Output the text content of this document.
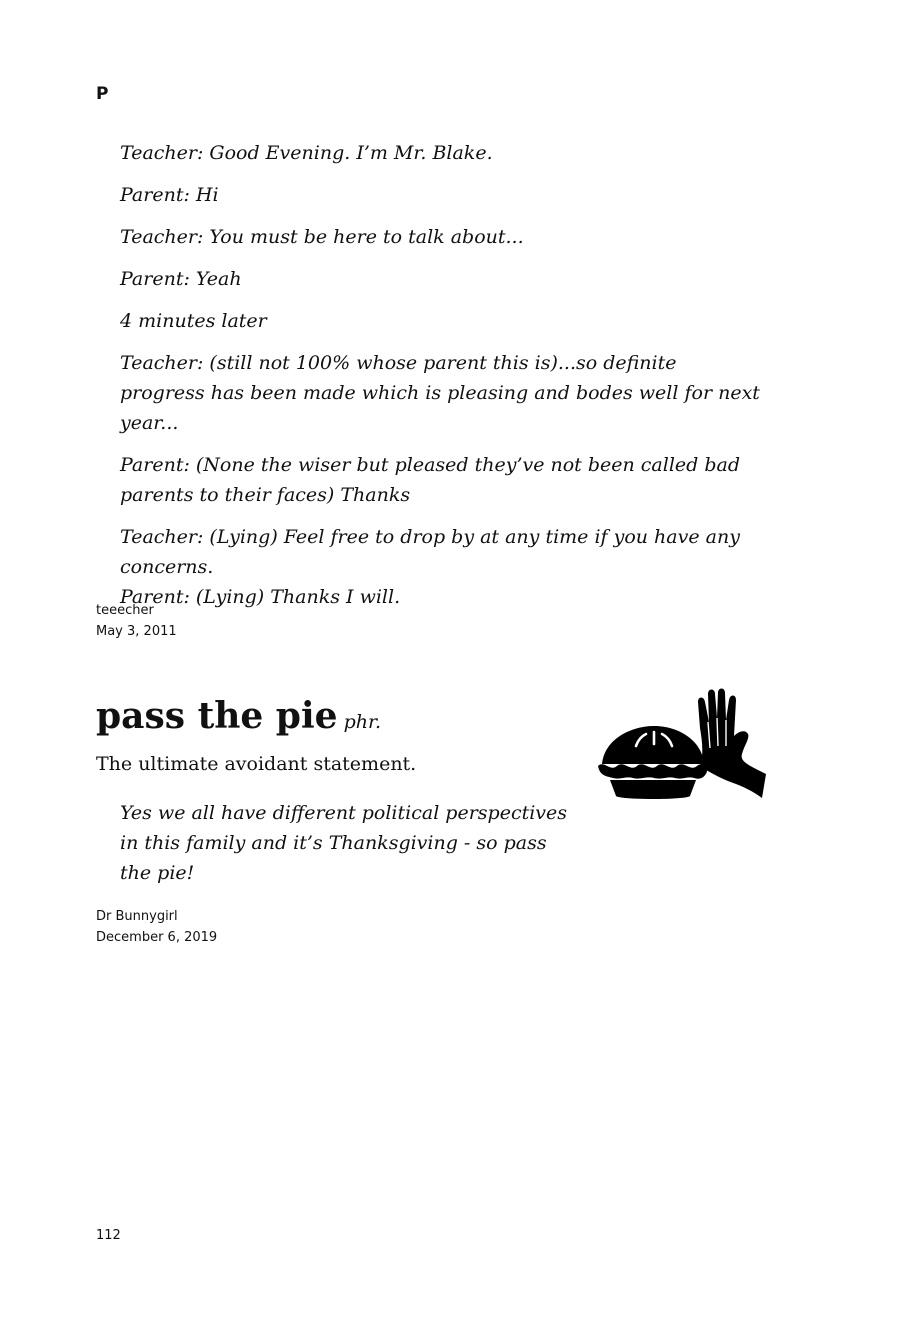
P

Teacher: Good Evening. I’m Mr. Blake.

Parent: Hi

Teacher: You must be here to talk about...

Parent: Yeah

4 minutes later

Teacher: (still not 100% whose parent this is)...so definite progress has been made which is pleasing and bodes well for next year...

Parent: (None the wiser but pleased they’ve not been called bad parents to their faces) Thanks

Teacher: (Lying) Feel free to drop by at any time if you have any concerns.

Parent: (Lying) Thanks I will.

teeecher
May 3, 2011
pass the pie phr.
The ultimate avoidant statement.
Yes we all have different political perspectives in this family and it’s Thanksgiving - so pass the pie!
Dr Bunnygirl
December 6, 2019
112
